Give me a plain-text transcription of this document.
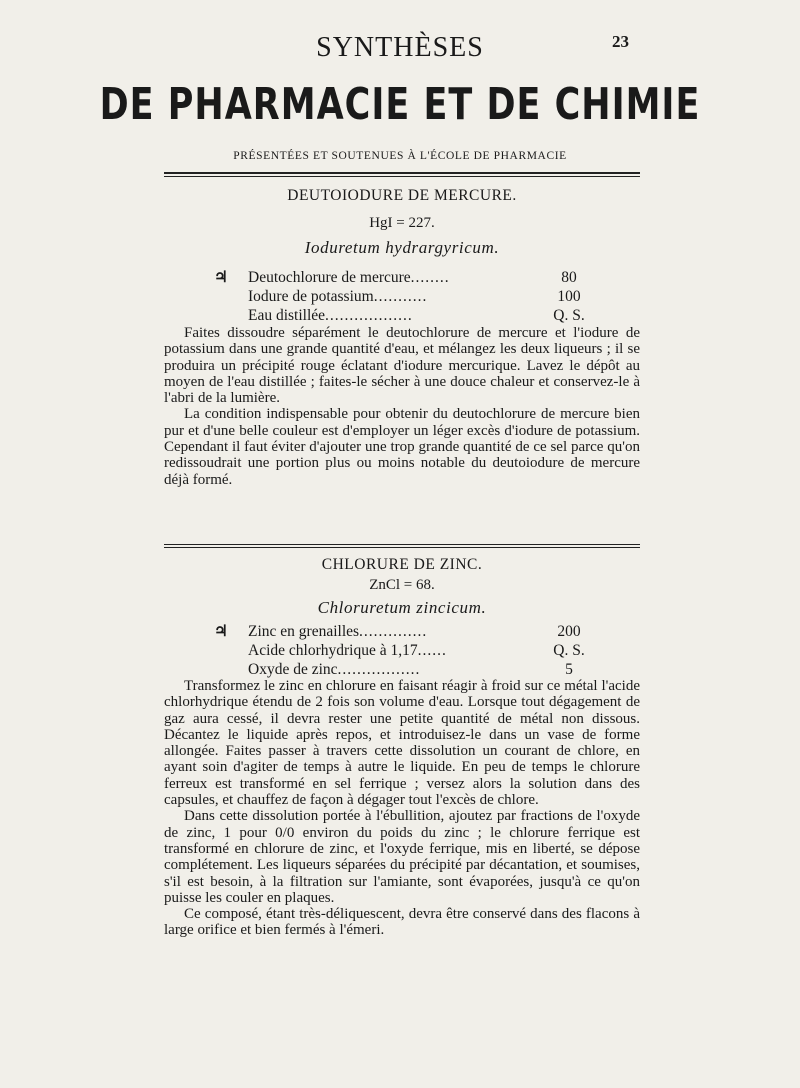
SYNTHÈSES	23
DE PHARMACIE ET DE CHIMIE
PRÉSENTÉES ET SOUTENUES À L'ÉCOLE DE PHARMACIE
DEUTOIODURE DE MERCURE.
HgI = 227.
Ioduretum hydrargyricum.
♃ Deutochlorure de mercure........	80
Iodure de potassium...........	100
Eau distillée..................	Q. S.

Faites dissoudre séparément le deutochlorure de mercure et l'iodure de potassium dans une grande quantité d'eau, et mélangez les deux liqueurs ; il se produira un précipité rouge éclatant d'iodure mercurique. Lavez le dépôt au moyen de l'eau distillée ; faites-le sécher à une douce chaleur et conservez-le à l'abri de la lumière.

La condition indispensable pour obtenir du deutochlorure de mercure bien pur et d'une belle couleur est d'employer un léger excès d'iodure de potassium. Cependant il faut éviter d'ajouter une trop grande quantité de ce sel parce qu'on redissoudrait une portion plus ou moins notable du deutoiodure de mercure déjà formé.

CHLORURE DE ZINC.
ZnCl = 68.
Chloruretum zincicum.
♃ Zinc en grenailles..............	200
Acide chlorhydrique à 1,17......	Q. S.
Oxyde de zinc.................	5

Transformez le zinc en chlorure en faisant réagir à froid sur ce métal l'acide chlorhydrique étendu de 2 fois son volume d'eau. Lorsque tout dégagement de gaz aura cessé, il devra rester une petite quantité de métal non dissous. Décantez le liquide après repos, et introduisez-le dans un vase de forme allongée. Faites passer à travers cette dissolution un courant de chlore, en ayant soin d'agiter de temps à autre le liquide. En peu de temps le chlorure ferreux est transformé en sel ferrique ; versez alors la solution dans des capsules, et chauffez de façon à dégager tout l'excès de chlore.

Dans cette dissolution portée à l'ébullition, ajoutez par fractions de l'oxyde de zinc, 1 pour 0/0 environ du poids du zinc ; le chlorure ferrique est transformé en chlorure de zinc, et l'oxyde ferrique, mis en liberté, se dépose complétement. Les liqueurs séparées du précipité par décantation, et soumises, s'il est besoin, à la filtration sur l'amiante, sont évaporées, jusqu'à ce qu'on puisse les couler en plaques.

Ce composé, étant très-déliquescent, devra être conservé dans des flacons à large orifice et bien fermés à l'émeri.
